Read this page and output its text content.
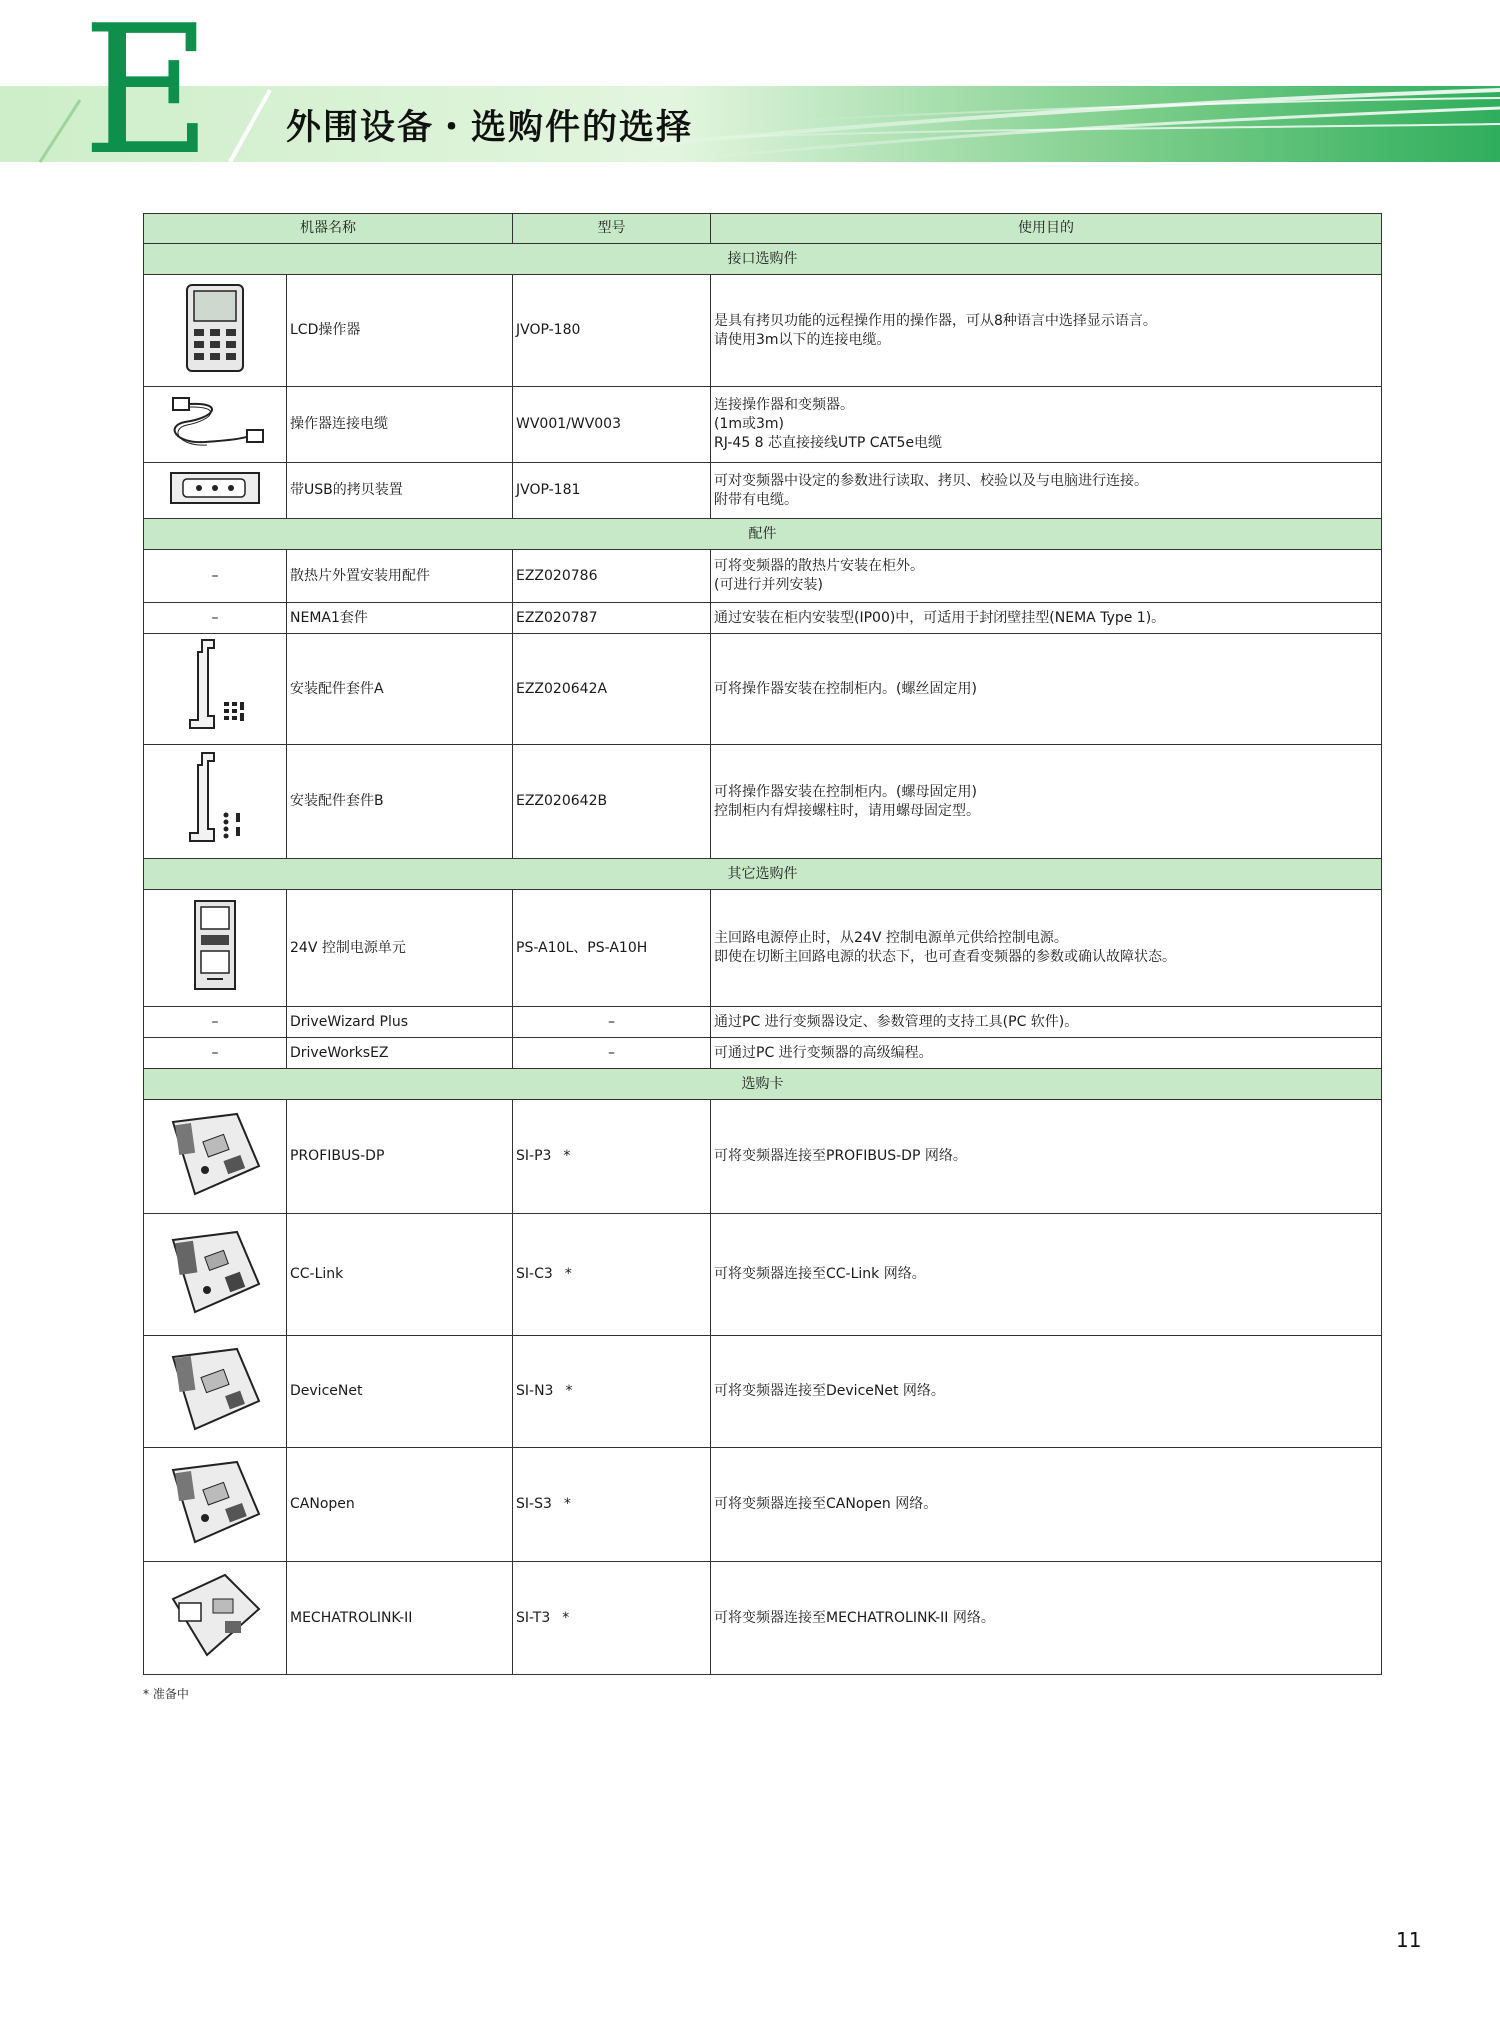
E 外围设备・选购件的选择
机器名称		型号	使用目的
接口选购件			
	LCD操作器	JVOP-180	是具有拷贝功能的远程操作用的操作器，可从8种语言中选择显示语言。
请使用3m以下的连接电缆。

	操作器连接电缆	WV001/WV003	连接操作器和变频器。
(1m或3m)
RJ-45 8 芯直接接线UTP CAT5e电缆

	带USB的拷贝装置	JVOP-181	可对变频器中设定的参数进行读取、拷贝、校验以及与电脑进行连接。
附带有电缆。

配件			
–	散热片外置安装用配件	EZZ020786	可将变频器的散热片安装在柜外。
(可进行并列安装)

–	NEMA1套件	EZZ020787	通过安装在柜内安装型(IP00)中，可适用于封闭壁挂型(NEMA Type 1)。

	安装配件套件A	EZZ020642A	可将操作器安装在控制柜内。(螺丝固定用)

	安装配件套件B	EZZ020642B	可将操作器安装在控制柜内。(螺母固定用)
控制柜内有焊接螺柱时，请用螺母固定型。

其它选购件			
	24V 控制电源单元	PS-A10L、PS-A10H	主回路电源停止时，从24V 控制电源单元供给控制电源。
即使在切断主回路电源的状态下，也可查看变频器的参数或确认故障状态。

–	DriveWizard Plus	–	通过PC 进行变频器设定、参数管理的支持工具(PC 软件)。

–	DriveWorksEZ	–	可通过PC 进行变频器的高级编程。

选购卡			
	PROFIBUS-DP	SI-P3 *	可将变频器连接至PROFIBUS-DP 网络。

	CC-Link	SI-C3 *	可将变频器连接至CC-Link 网络。

	DeviceNet	SI-N3 *	可将变频器连接至DeviceNet 网络。

	CANopen	SI-S3 *	可将变频器连接至CANopen 网络。

	MECHATROLINK-II	SI-T3 *	可将变频器连接至MECHATROLINK-II 网络。
* 准备中
11
